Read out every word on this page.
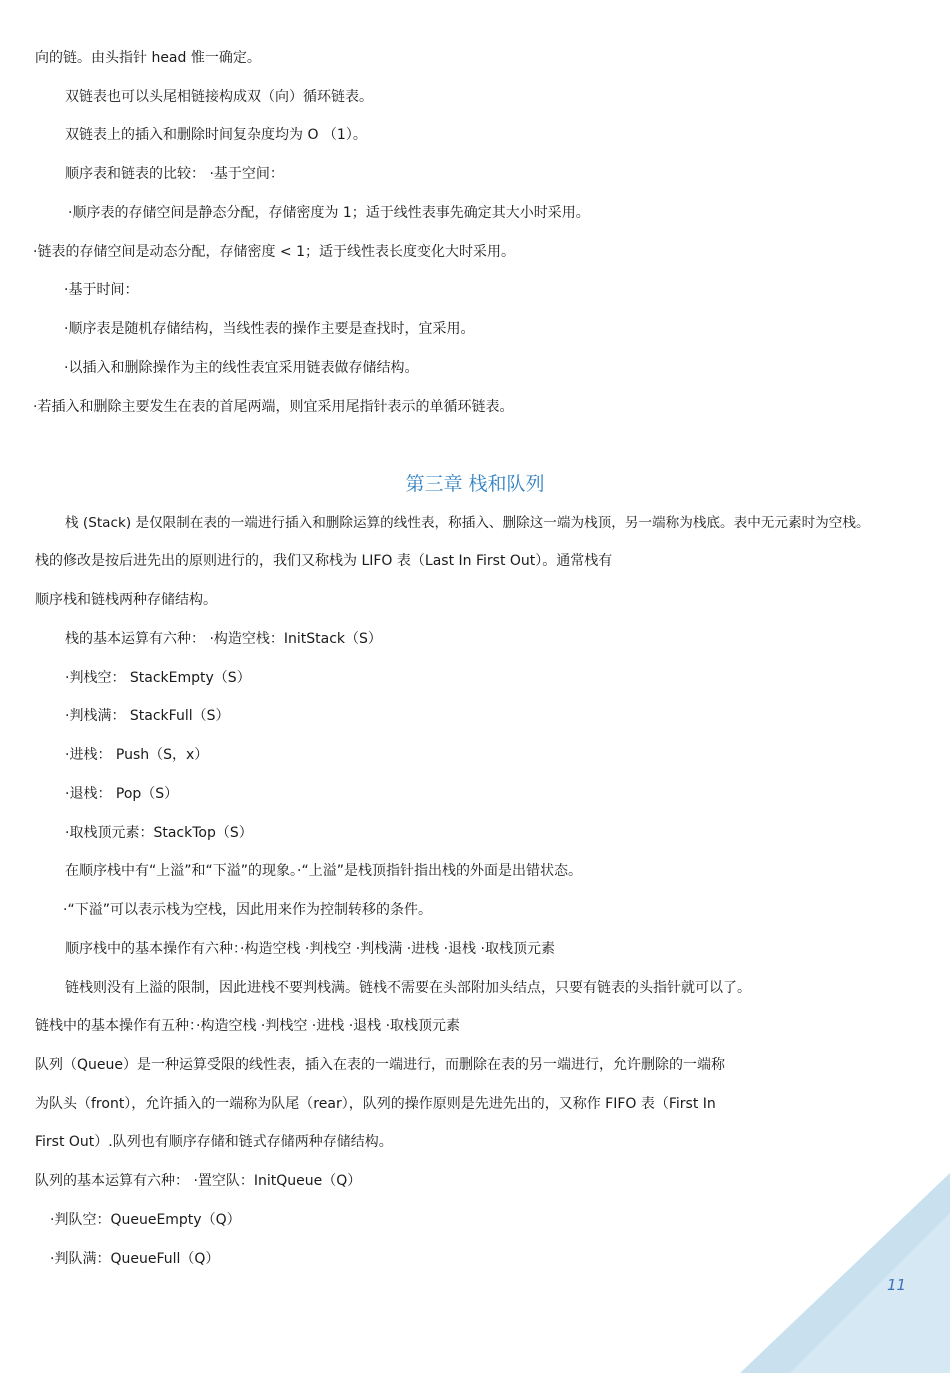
向的链。由头指针 head 惟一确定。
双链表也可以头尾相链接构成双（向）循环链表。
双链表上的插入和删除时间复杂度均为 O （1）。
顺序表和链表的比较： ·基于空间：
·顺序表的存储空间是静态分配，存储密度为 1；适于线性表事先确定其大小时采用。
·链表的存储空间是动态分配，存储密度 < 1；适于线性表长度变化大时采用。
·基于时间：
·顺序表是随机存储结构，当线性表的操作主要是查找时，宜采用。
·以插入和删除操作为主的线性表宜采用链表做存储结构。
·若插入和删除主要发生在表的首尾两端，则宜采用尾指针表示的单循环链表。
第三章 栈和队列
栈 (Stack) 是仅限制在表的一端进行插入和删除运算的线性表，称插入、删除这一端为栈顶，另一端称为栈底。表中无元素时为空栈。
栈的修改是按后进先出的原则进行的，我们又称栈为 LIFO 表（Last In First Out）。通常栈有
顺序栈和链栈两种存储结构。
栈的基本运算有六种： ·构造空栈：InitStack（S）
·判栈空： StackEmpty（S）
·判栈满： StackFull（S）
·进栈： Push（S，x）
·退栈： Pop（S）
·取栈顶元素：StackTop（S）
在顺序栈中有“上溢”和“下溢”的现象。·“上溢”是栈顶指针指出栈的外面是出错状态。
·“下溢”可以表示栈为空栈，因此用来作为控制转移的条件。
顺序栈中的基本操作有六种：·构造空栈 ·判栈空 ·判栈满 ·进栈 ·退栈 ·取栈顶元素
链栈则没有上溢的限制，因此进栈不要判栈满。链栈不需要在头部附加头结点，只要有链表的头指针就可以了。
链栈中的基本操作有五种：·构造空栈 ·判栈空 ·进栈 ·退栈 ·取栈顶元素
队列（Queue）是一种运算受限的线性表，插入在表的一端进行，而删除在表的另一端进行，允许删除的一端称
为队头（front），允许插入的一端称为队尾（rear），队列的操作原则是先进先出的，又称作 FIFO 表（First In
First Out）.队列也有顺序存储和链式存储两种存储结构。
队列的基本运算有六种： ·置空队：InitQueue（Q）
·判队空：QueueEmpty（Q）
·判队满：QueueFull（Q）
11
